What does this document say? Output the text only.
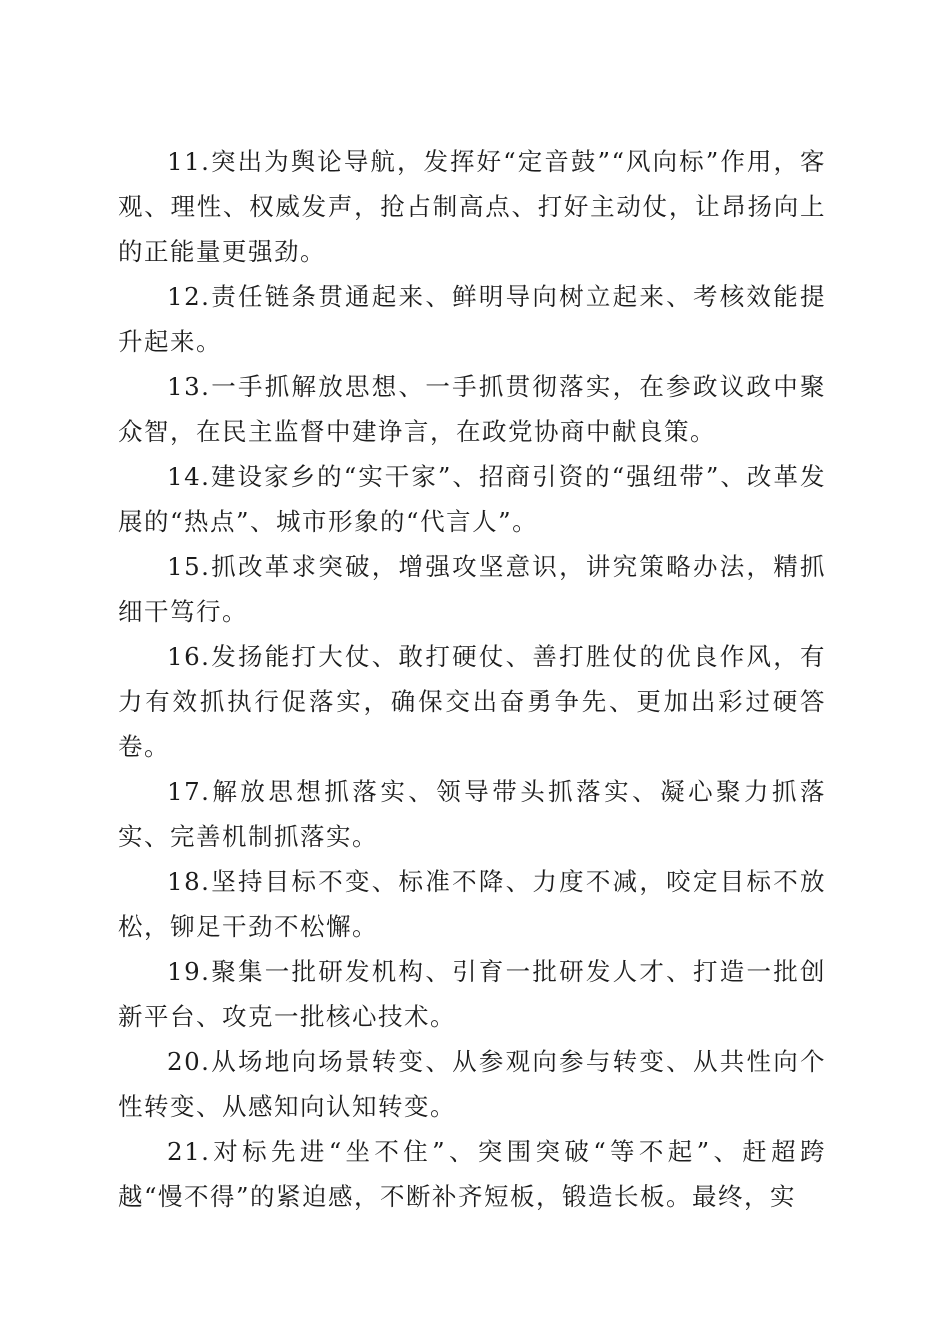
11.突出为舆论导航，发挥好“定音鼓”“风向标”作用，客观、理性、权威发声，抢占制高点、打好主动仗，让昂扬向上的正能量更强劲。

12.责任链条贯通起来、鲜明导向树立起来、考核效能提升起来。

13.一手抓解放思想、一手抓贯彻落实，在参政议政中聚众智，在民主监督中建诤言，在政党协商中献良策。

14.建设家乡的“实干家”、招商引资的“强纽带”、改革发展的“热点”、城市形象的“代言人”。

15.抓改革求突破，增强攻坚意识，讲究策略办法，精抓细干笃行。

16.发扬能打大仗、敢打硬仗、善打胜仗的优良作风，有力有效抓执行促落实，确保交出奋勇争先、更加出彩过硬答卷。

17.解放思想抓落实、领导带头抓落实、凝心聚力抓落实、完善机制抓落实。

18.坚持目标不变、标准不降、力度不减，咬定目标不放松，铆足干劲不松懈。

19.聚集一批研发机构、引育一批研发人才、打造一批创新平台、攻克一批核心技术。

20.从场地向场景转变、从参观向参与转变、从共性向个性转变、从感知向认知转变。

21.对标先进“坐不住”、突围突破“等不起”、赶超跨越“慢不得”的紧迫感，不断补齐短板，锻造长板。最终，实
